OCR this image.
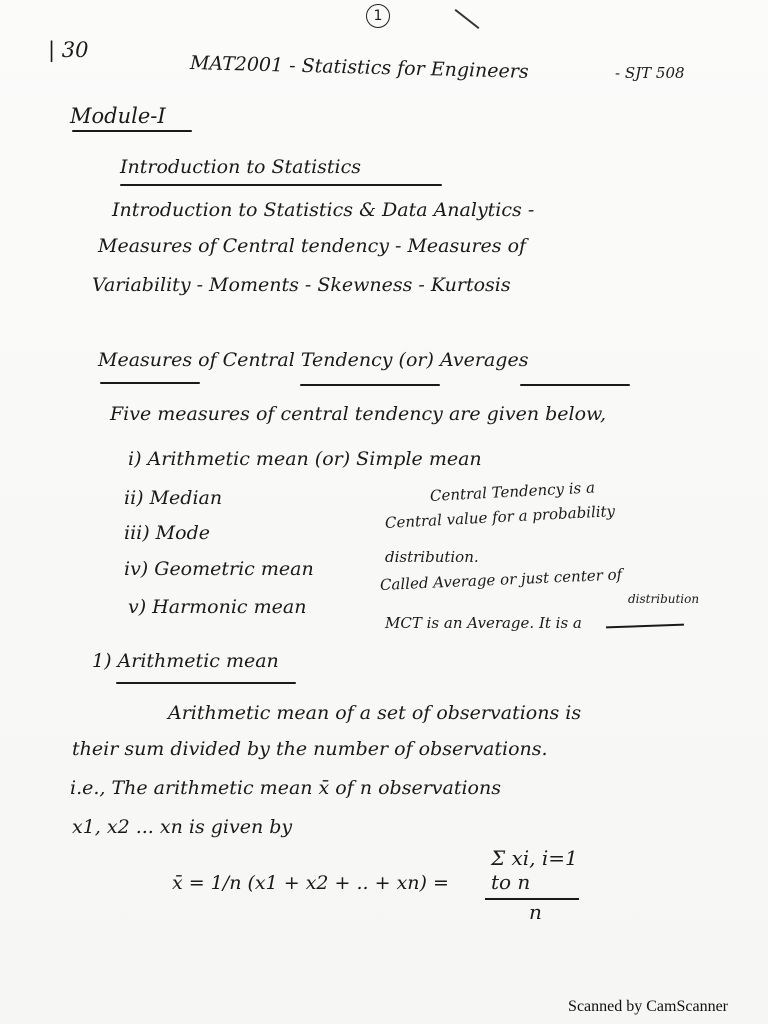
1
| 30
MAT2001 - Statistics for Engineers	- SJT 508
Module-I
Introduction to Statistics
Introduction to Statistics & Data Analytics -
Measures of Central tendency - Measures of
Variability - Moments - Skewness - Kurtosis
Measures of Central Tendency (or) Averages
Five measures of central tendency are given below,
i) Arithmetic mean (or) Simple mean
ii) Median
iii) Mode
iv) Geometric mean
v) Harmonic mean
Central Tendency is a
Central value for a probability
distribution.
Called Average or just center of
distribution
MCT is an Average. It is a
1) Arithmetic mean
Arithmetic mean of a set of observations is
their sum divided by the number of observations.
i.e., The arithmetic mean x̄ of n observations
x1, x2 ... xn is given by
x̄ = 1/n (x1 + x2 + .. + xn) =
Σ xi, i=1 to n
n
Scanned by CamScanner
